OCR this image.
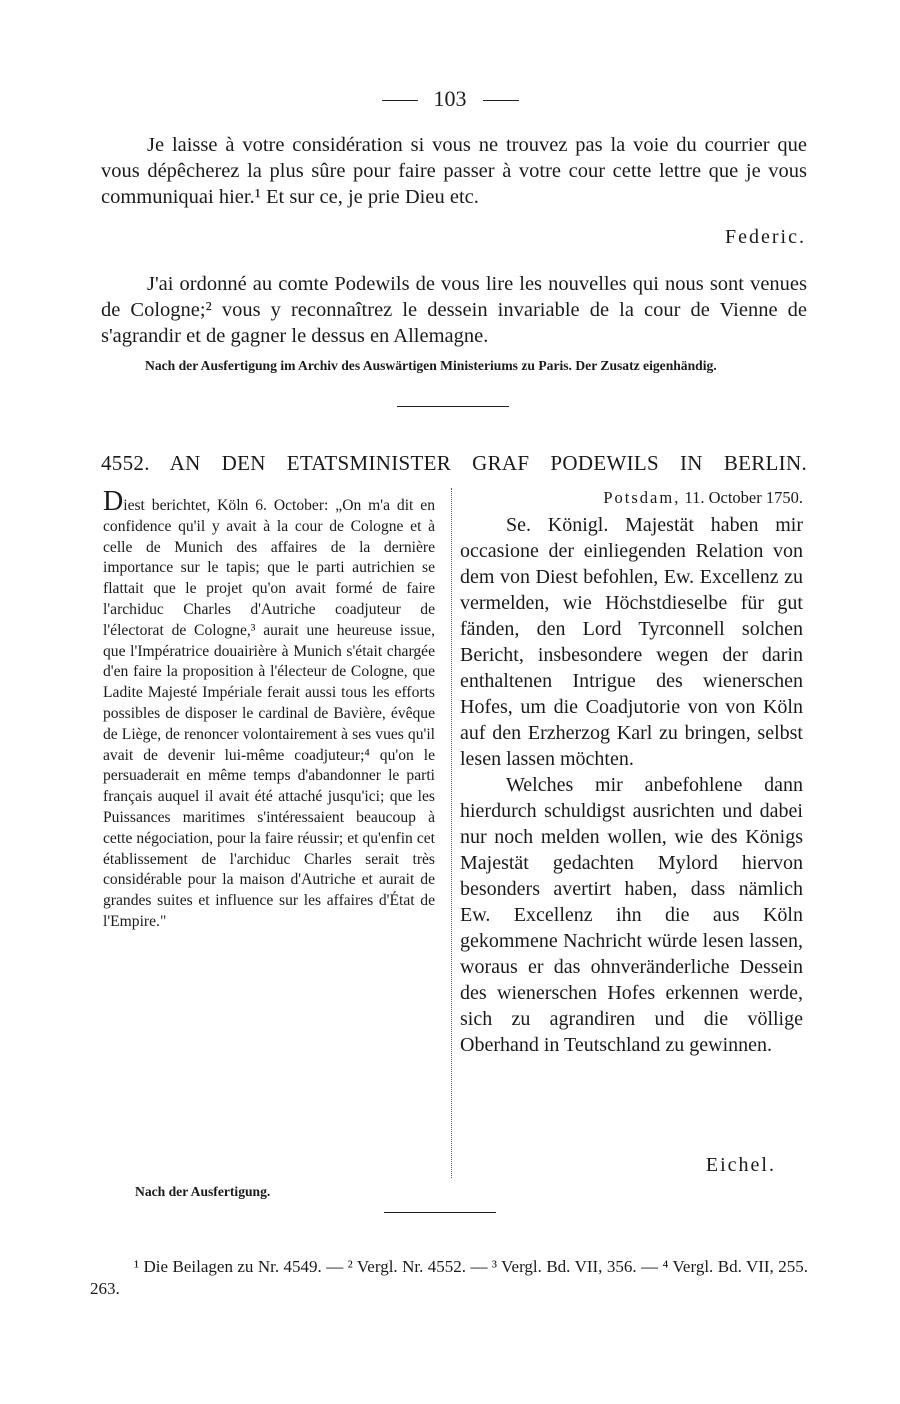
103

Je laisse à votre considération si vous ne trouvez pas la voie du courrier que vous dépêcherez la plus sûre pour faire passer à votre cour cette lettre que je vous communiquai hier.¹ Et sur ce, je prie Dieu etc.

Federic.

J'ai ordonné au comte Podewils de vous lire les nouvelles qui nous sont venues de Cologne;² vous y reconnaîtrez le dessein invariable de la cour de Vienne de s'agrandir et de gagner le dessus en Allemagne.

Nach der Ausfertigung im Archiv des Auswärtigen Ministeriums zu Paris. Der Zusatz eigenhändig.

4552. AN DEN ETATSMINISTER GRAF PODEWILS IN BERLIN.

Diest berichtet, Köln 6. October: „On m'a dit en confidence qu'il y avait à la cour de Cologne et à celle de Munich des affaires de la dernière importance sur le tapis; que le parti autrichien se flattait que le projet qu'on avait formé de faire l'archiduc Charles d'Autriche coadjuteur de l'électorat de Cologne,³ aurait une heureuse issue, que l'Impératrice douairière à Munich s'était chargée d'en faire la proposition à l'électeur de Cologne, que Ladite Majesté Impériale ferait aussi tous les efforts possibles de disposer le cardinal de Bavière, évêque de Liège, de renoncer volontairement à ses vues qu'il avait de devenir lui-même coadjuteur;⁴ qu'on le persuaderait en même temps d'abandonner le parti français auquel il avait été attaché jusqu'ici; que les Puissances maritimes s'intéressaient beaucoup à cette négociation, pour la faire réussir; et qu'enfin cet établissement de l'archiduc Charles serait très considérable pour la maison d'Autriche et aurait de grandes suites et influence sur les affaires d'État de l'Empire."

Potsdam, 11. October 1750.

Se. Königl. Majestät haben mir occasione der einliegenden Relation von dem von Diest befohlen, Ew. Excellenz zu vermelden, wie Höchstdieselbe für gut fänden, den Lord Tyrconnell solchen Bericht, insbesondere wegen der darin enthaltenen Intrigue des wienerschen Hofes, um die Coadjutorie von von Köln auf den Erzherzog Karl zu bringen, selbst lesen lassen möchten.

Welches mir anbefohlene dann hierdurch schuldigst ausrichten und dabei nur noch melden wollen, wie des Königs Majestät gedachten Mylord hiervon besonders avertirt haben, dass nämlich Ew. Excellenz ihn die aus Köln gekommene Nachricht würde lesen lassen, woraus er das ohnveränderliche Dessein des wienerschen Hofes erkennen werde, sich zu agrandiren und die völlige Oberhand in Teutschland zu gewinnen.

Eichel.
Nach der Ausfertigung.

¹ Die Beilagen zu Nr. 4549. — ² Vergl. Nr. 4552. — ³ Vergl. Bd. VII, 356. — ⁴ Vergl. Bd. VII, 255. 263.
